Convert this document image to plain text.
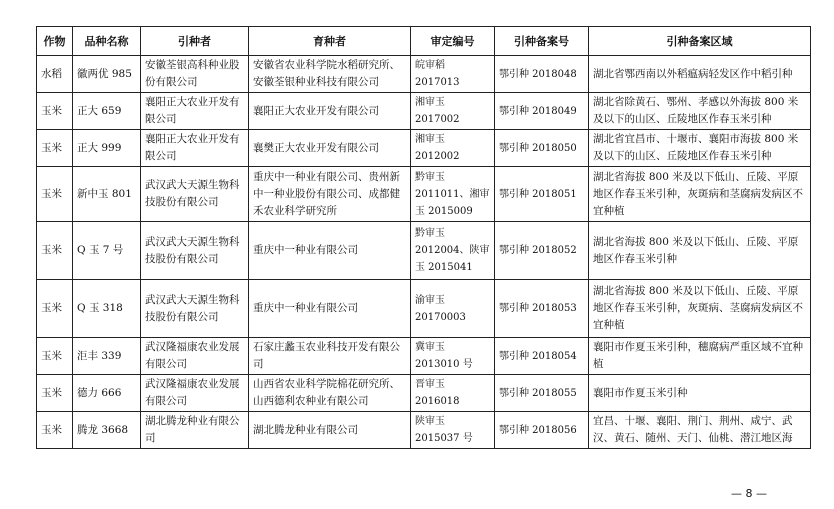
作物	品种名称	引种者	育种者	审定编号	引种备案号	引种备案区域
水稻	徽两优 985	安徽荃银高科种业股份有限公司	安徽省农业科学院水稻研究所、安徽荃银种业科技有限公司	皖审稻 2017013	鄂引种 2018048	湖北省鄂西南以外稻瘟病轻发区作中稻引种
玉米	正大 659	襄阳正大农业开发有限公司	襄阳正大农业开发有限公司	湘审玉 2017002	鄂引种 2018049	湖北省除黄石、鄂州、孝感以外海拔 800 米及以下的山区、丘陵地区作春玉米引种
玉米	正大 999	襄阳正大农业开发有限公司	襄樊正大农业开发有限公司	湘审玉 2012002	鄂引种 2018050	湖北省宜昌市、十堰市、襄阳市海拔 800 米及以下的山区、丘陵地区作春玉米引种
玉米	新中玉 801	武汉武大天源生物科技股份有限公司	重庆中一种业有限公司、贵州新中一种业股份有限公司、成都健禾农业科学研究所	黔审玉 2011011、湘审玉 2015009	鄂引种 2018051	湖北省海拔 800 米及以下低山、丘陵、平原地区作春玉米引种，灰斑病和茎腐病发病区不宜种植
玉米	Q 玉 7 号	武汉武大天源生物科技股份有限公司	重庆中一种业有限公司	黔审玉 2012004、陕审玉 2015041	鄂引种 2018052	湖北省海拔 800 米及以下低山、丘陵、平原地区作春玉米引种
玉米	Q 玉 318	武汉武大天源生物科技股份有限公司	重庆中一种业有限公司	渝审玉 20170003	鄂引种 2018053	湖北省海拔 800 米及以下低山、丘陵、平原地区作春玉米引种，灰斑病、茎腐病发病区不宜种植
玉米	洰丰 339	武汉隆福康农业发展有限公司	石家庄蠡玉农业科技开发有限公司	冀审玉 2013010 号	鄂引种 2018054	襄阳市作夏玉米引种，穗腐病严重区域不宜种植
玉米	德力 666	武汉隆福康农业发展有限公司	山西省农业科学院棉花研究所、山西德利农种业有限公司	晋审玉 2016018	鄂引种 2018055	襄阳市作夏玉米引种
玉米	腾龙 3668	湖北腾龙种业有限公司	湖北腾龙种业有限公司	陕审玉 2015037 号	鄂引种 2018056	宜昌、十堰、襄阳、荆门、荆州、咸宁、武汉、黄石、随州、天门、仙桃、潜江地区海
— 8 —
